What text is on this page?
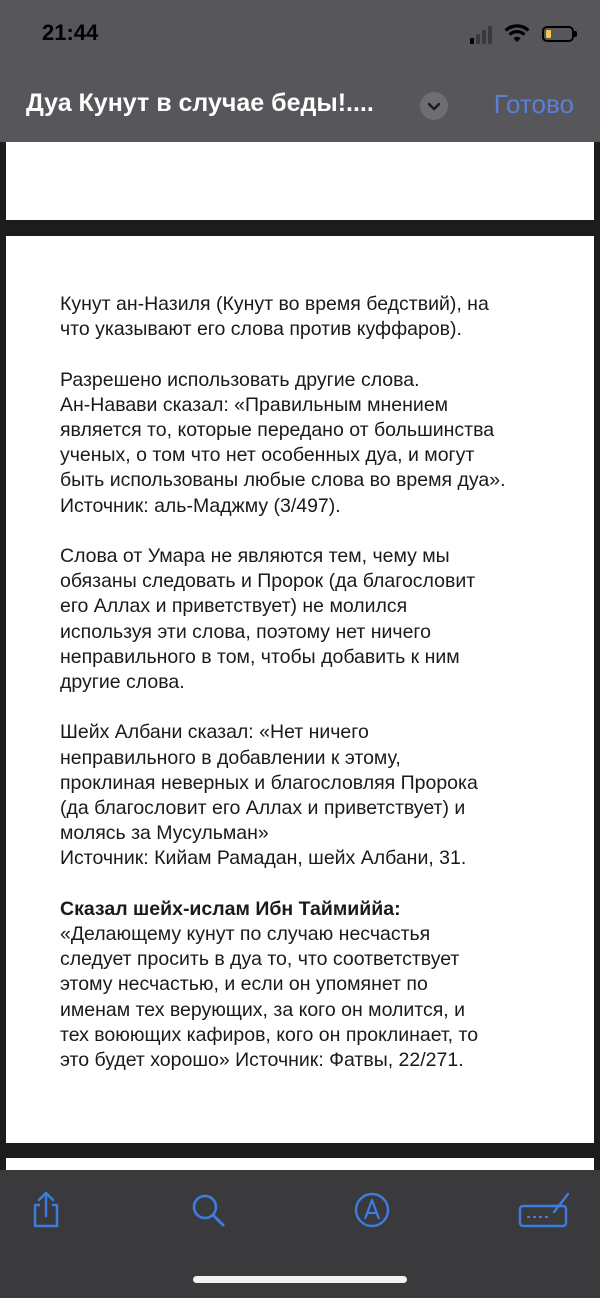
21:44
Дуа Кунут в случае беды!....	Готово

Кунут ан-Назиля (Кунут во время бедствий), на
что указывают его слова против куффаров).

Разрешено использовать другие слова.
Ан-Навави сказал: «Правильным мнением
является то, которые передано от большинства
ученых, о том что нет особенных дуа, и могут
быть использованы любые слова во время дуа».
Источник: аль-Маджму (3/497).

Слова от Умара не являются тем, чему мы
обязаны следовать и Пророк (да благословит
его Аллах и приветствует) не молился
используя эти слова, поэтому нет ничего
неправильного в том, чтобы добавить к ним
другие слова.

Шейх Албани сказал: «Нет ничего
неправильного в добавлении к этому,
проклиная неверных и благословляя Пророка
(да благословит его Аллах и приветствует) и
молясь за Мусульман»
Источник: Кийам Рамадан, шейх Албани, 31.

Сказал шейх-ислам Ибн Таймиййа:
«Делающему кунут по случаю несчастья
следует просить в дуа то, что соответствует
этому несчастью, и если он упомянет по
именам тех верующих, за кого он молится, и
тех воюющих кафиров, кого он проклинает, то
это будет хорошо» Источник: Фатвы, 22/271.
